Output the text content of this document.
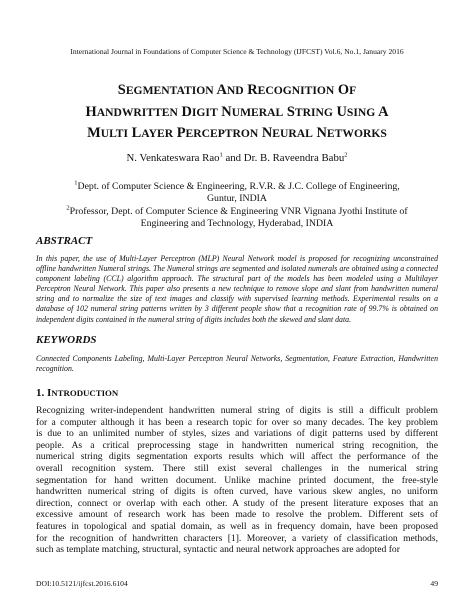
International Journal in Foundations of Computer Science & Technology (IJFCST) Vol.6, No.1, January 2016
SEGMENTATION AND RECOGNITION OF
HANDWRITTEN DIGIT NUMERAL STRING USING A
MULTI LAYER PERCEPTRON NEURAL NETWORKS
N. Venkateswara Rao$^1$ and Dr. B. Raveendra Babu$^2$
$^1$Dept. of Computer Science & Engineering, R.V.R. & J.C. College of Engineering,
Guntur, INDIA
$^2$Professor, Dept. of Computer Science & Engineering VNR Vignana Jyothi Institute of
Engineering and Technology, Hyderabad, INDIA
ABSTRACT
In this paper, the use of Multi-Layer Perceptron (MLP) Neural Network model is proposed for recognizing unconstrained offline handwritten Numeral strings. The Numeral strings are segmented and isolated numerals are obtained using a connected component labeling (CCL) algorithm approach. The structural part of the models has been modeled using a Multilayer Perceptron Neural Network. This paper also presents a new technique to remove slope and slant from handwritten numeral string and to normalize the size of text images and classify with supervised learning methods. Experimental results on a database of 102 numeral string patterns written by 3 different people show that a recognition rate of 99.7% is obtained on independent digits contained in the numeral string of digits includes both the skewed and slant data.
KEYWORDS
Connected Components Labeling, Multi-Layer Perceptron Neural Networks, Segmentation, Feature Extraction, Handwritten recognition.
1. INTRODUCTION
Recognizing writer-independent handwritten numeral string of digits is still a difficult problem
for a computer although it has been a research topic for over so many decades. The key problem
is due to an unlimited number of styles, sizes and variations of digit patterns used by different
people. As a critical preprocessing stage in handwritten numerical string recognition, the
numerical string digits segmentation exports results which will affect the performance of the
overall recognition system. There still exist several challenges in the numerical string
segmentation for hand written document. Unlike machine printed document, the free-style
handwritten numerical string of digits is often curved, have various skew angles, no uniform
direction, connect or overlap with each other. A study of the present literature exposes that an
excessive amount of research work has been made to resolve the problem. Different sets of
features in topological and spatial domain, as well as in frequency domain, have been proposed
for the recognition of handwritten characters [1]. Moreover, a variety of classification methods,
such as template matching, structural, syntactic and neural network approaches are adopted for
DOI:10.5121/ijfcst.2016.6104	49
